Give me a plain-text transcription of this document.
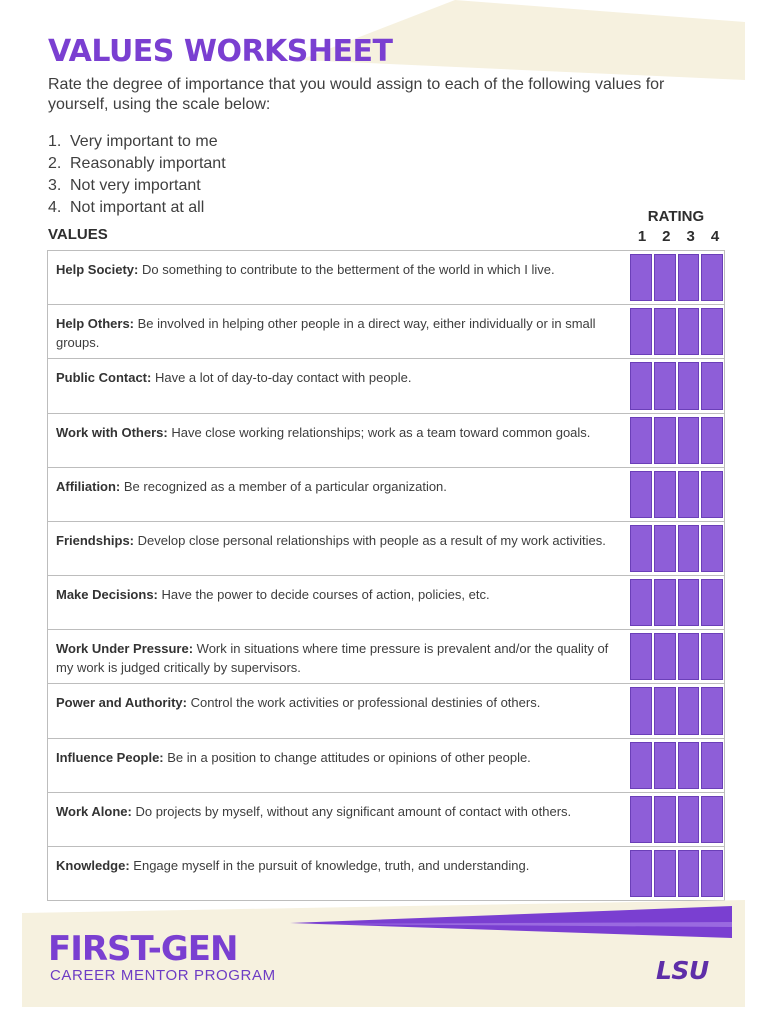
VALUES WORKSHEET

Rate the degree of importance that you would assign to each of the following values for yourself, using the scale below:

1. Very important to me
2. Reasonably important
3. Not very important
4. Not important at all
VALUES
RATING
1	2	3	4
Help Society: Do something to contribute to the betterment of the world in which I live.
Help Others: Be involved in helping other people in a direct way, either individually or in small groups.
Public Contact: Have a lot of day-to-day contact with people.
Work with Others: Have close working relationships; work as a team toward common goals.
Affiliation: Be recognized as a member of a particular organization.
Friendships: Develop close personal relationships with people as a result of my work activities.
Make Decisions: Have the power to decide courses of action, policies, etc.
Work Under Pressure: Work in situations where time pressure is prevalent and/or the quality of my work is judged critically by supervisors.
Power and Authority: Control the work activities or professional destinies of others.
Influence People: Be in a position to change attitudes or opinions of other people.
Work Alone: Do projects by myself, without any significant amount of contact with others.
Knowledge: Engage myself in the pursuit of knowledge, truth, and understanding.
FIRST-GEN
CAREER MENTOR PROGRAM	LSU
